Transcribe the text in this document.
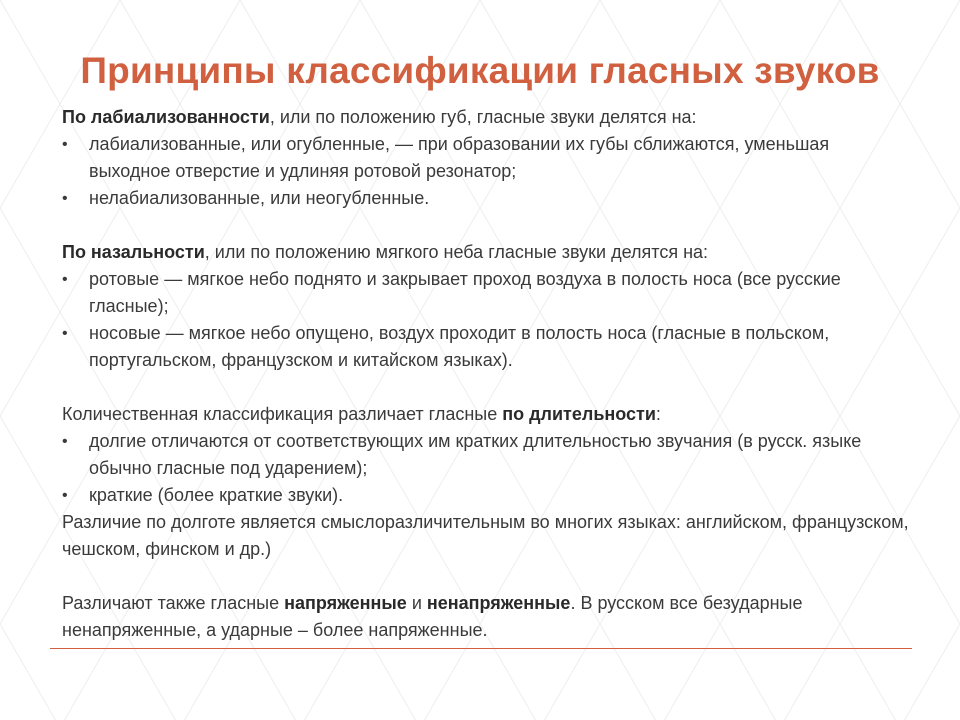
Принципы классификации гласных звуков

По лабиализованности, или по положению губ, гласные звуки делятся на:

• лабиализованные, или огубленные, — при образовании их губы сближаются, уменьшая выходное отверстие и удлиняя ротовой резонатор;
• нелабиализованные, или неогубленные.

По назальности, или по положению мягкого неба гласные звуки делятся на:

• ротовые — мягкое небо поднято и закрывает проход воздуха в полость носа (все русские гласные);
• носовые — мягкое небо опущено, воздух проходит в полость носа (гласные в польском, португальском, французском и китайском языках).

Количественная классификация различает гласные по длительности:

• долгие отличаются от соответствующих им кратких длительностью звучания (в русск. языке обычно гласные под ударением);
• краткие (более краткие звуки).

Различие по долготе является смыслоразличительным во многих языках: английском, французском, чешском, финском и др.)

Различают также гласные напряженные и ненапряженные. В русском все безударные ненапряженные, а ударные – более напряженные.
